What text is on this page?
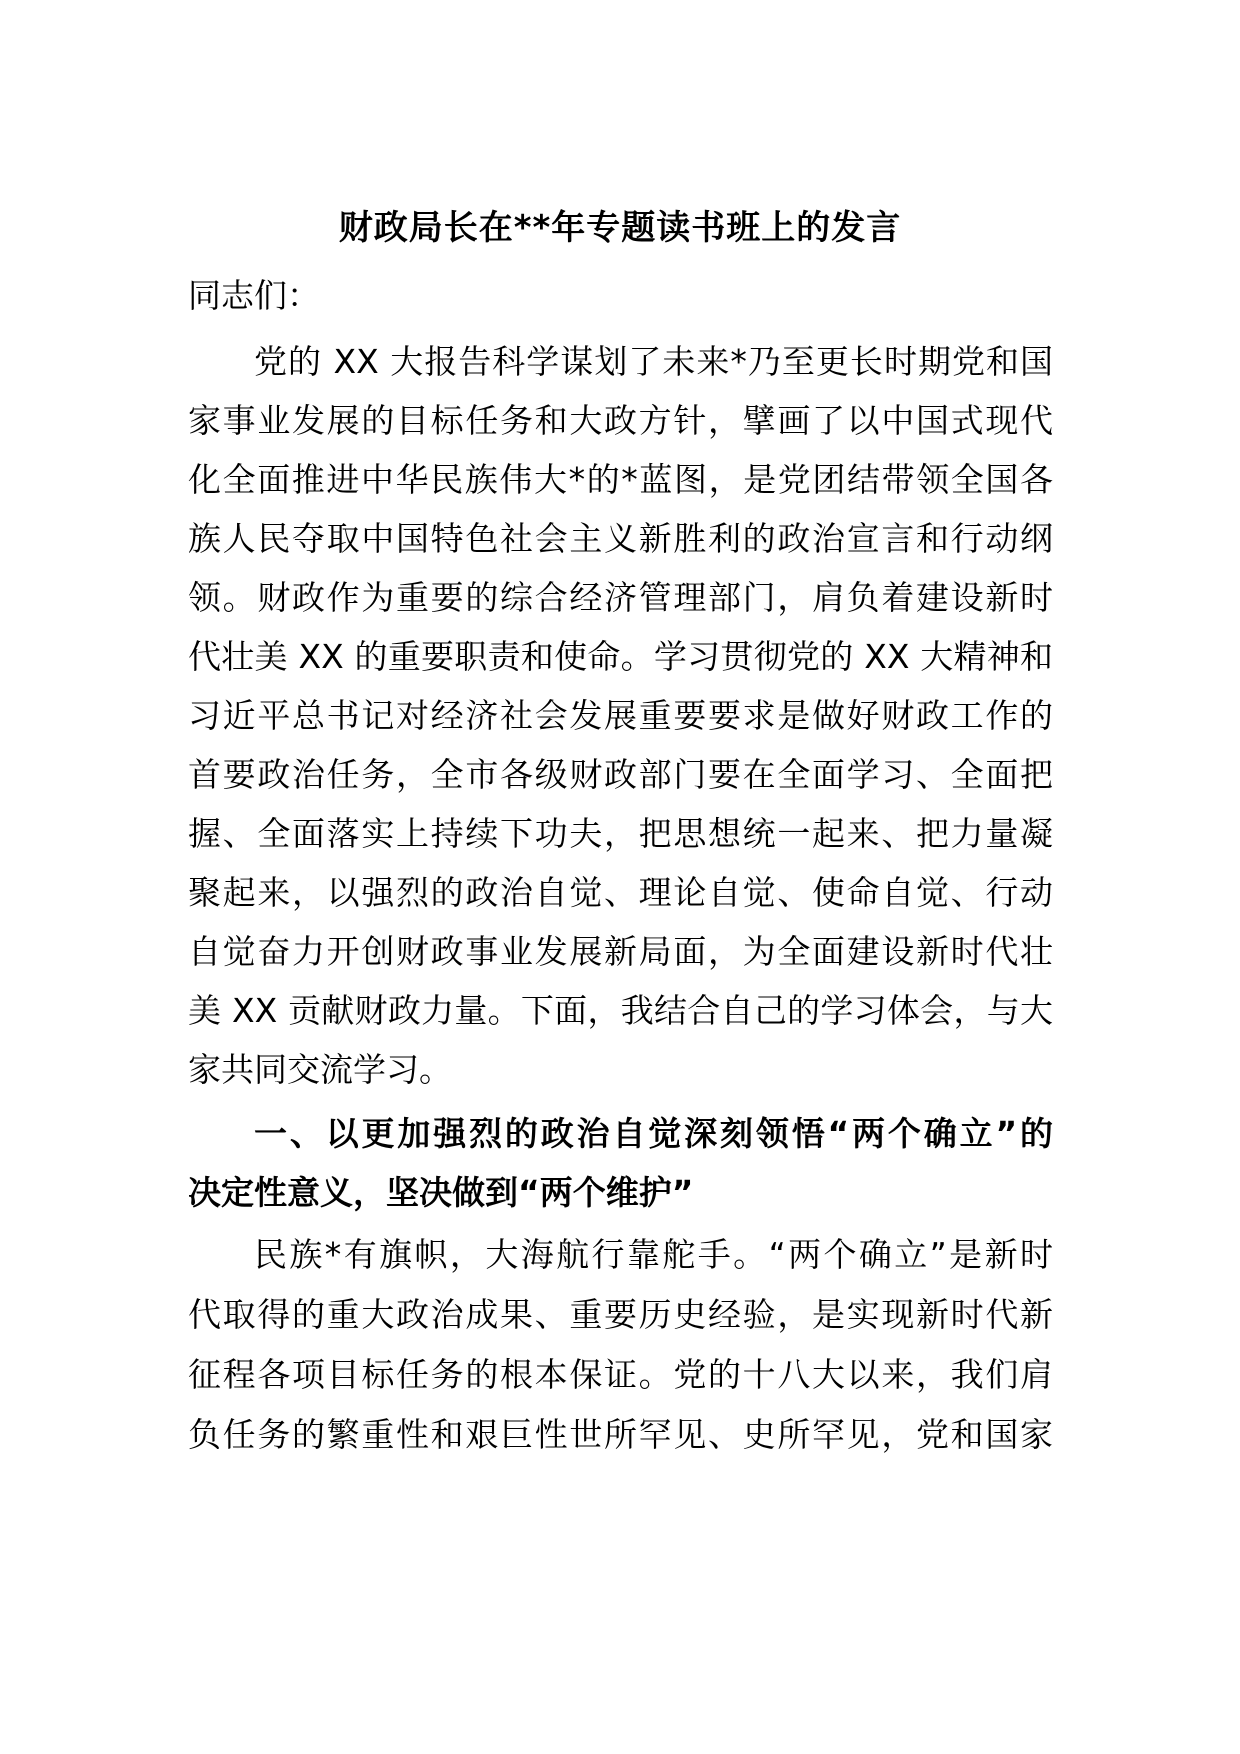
财政局长在**年专题读书班上的发言

同志们：

党的 XX 大报告科学谋划了未来*乃至更长时期党和国

家事业发展的目标任务和大政方针，擘画了以中国式现代

化全面推进中华民族伟大*的*蓝图，是党团结带领全国各

族人民夺取中国特色社会主义新胜利的政治宣言和行动纲

领。财政作为重要的综合经济管理部门，肩负着建设新时

代壮美 XX 的重要职责和使命。学习贯彻党的 XX 大精神和

习近平总书记对经济社会发展重要要求是做好财政工作的

首要政治任务，全市各级财政部门要在全面学习、全面把

握、全面落实上持续下功夫，把思想统一起来、把力量凝

聚起来，以强烈的政治自觉、理论自觉、使命自觉、行动

自觉奋力开创财政事业发展新局面，为全面建设新时代壮

美 XX 贡献财政力量。下面，我结合自己的学习体会，与大

家共同交流学习。

一、以更加强烈的政治自觉深刻领悟“两个确立”的

决定性意义，坚决做到“两个维护”

民族*有旗帜，大海航行靠舵手。“两个确立”是新时

代取得的重大政治成果、重要历史经验，是实现新时代新

征程各项目标任务的根本保证。党的十八大以来，我们肩

负任务的繁重性和艰巨性世所罕见、史所罕见，党和国家
